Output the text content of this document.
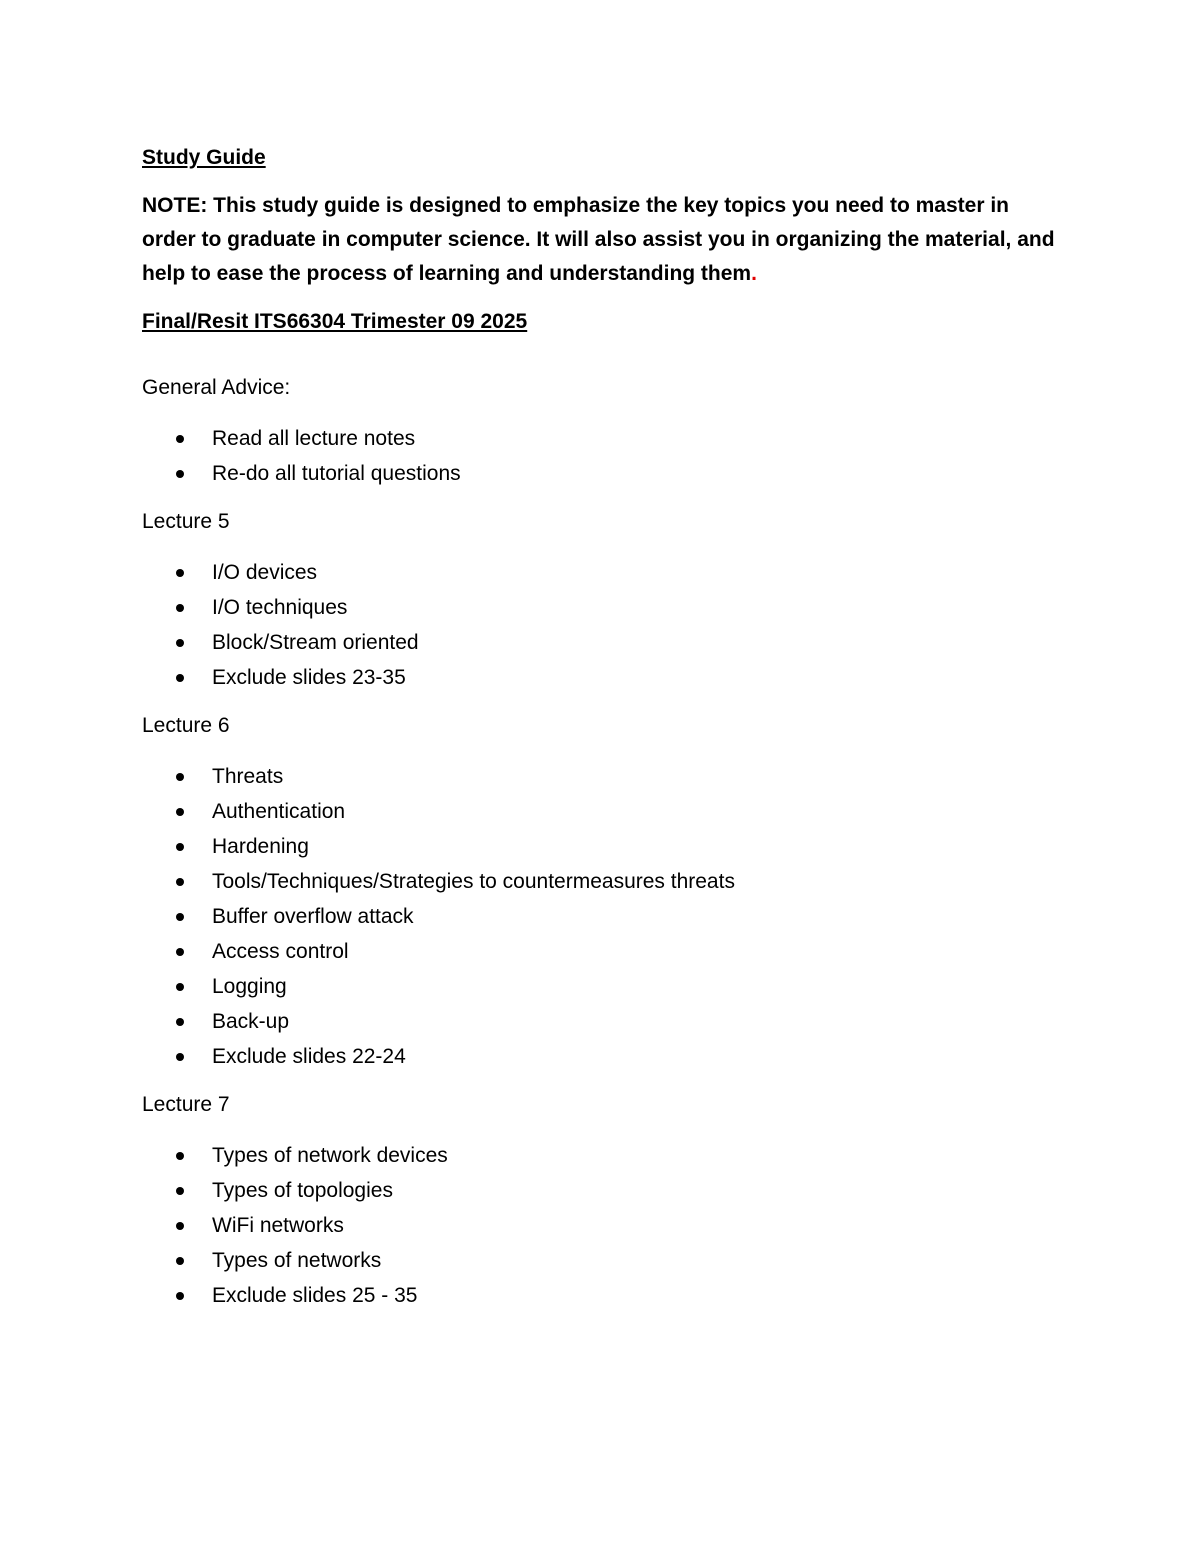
Study Guide

NOTE: This study guide is designed to emphasize the key topics you need to master in order to graduate in computer science. It will also assist you in organizing the material, and help to ease the process of learning and understanding them.

Final/Resit ITS66304 Trimester 09 2025

General Advice:

Read all lecture notes
Re-do all tutorial questions

Lecture 5

I/O devices
I/O techniques
Block/Stream oriented
Exclude slides 23-35

Lecture 6

Threats
Authentication
Hardening
Tools/Techniques/Strategies to countermeasures threats
Buffer overflow attack
Access control
Logging
Back-up
Exclude slides 22-24

Lecture 7

Types of network devices
Types of topologies
WiFi networks
Types of networks
Exclude slides 25 - 35
